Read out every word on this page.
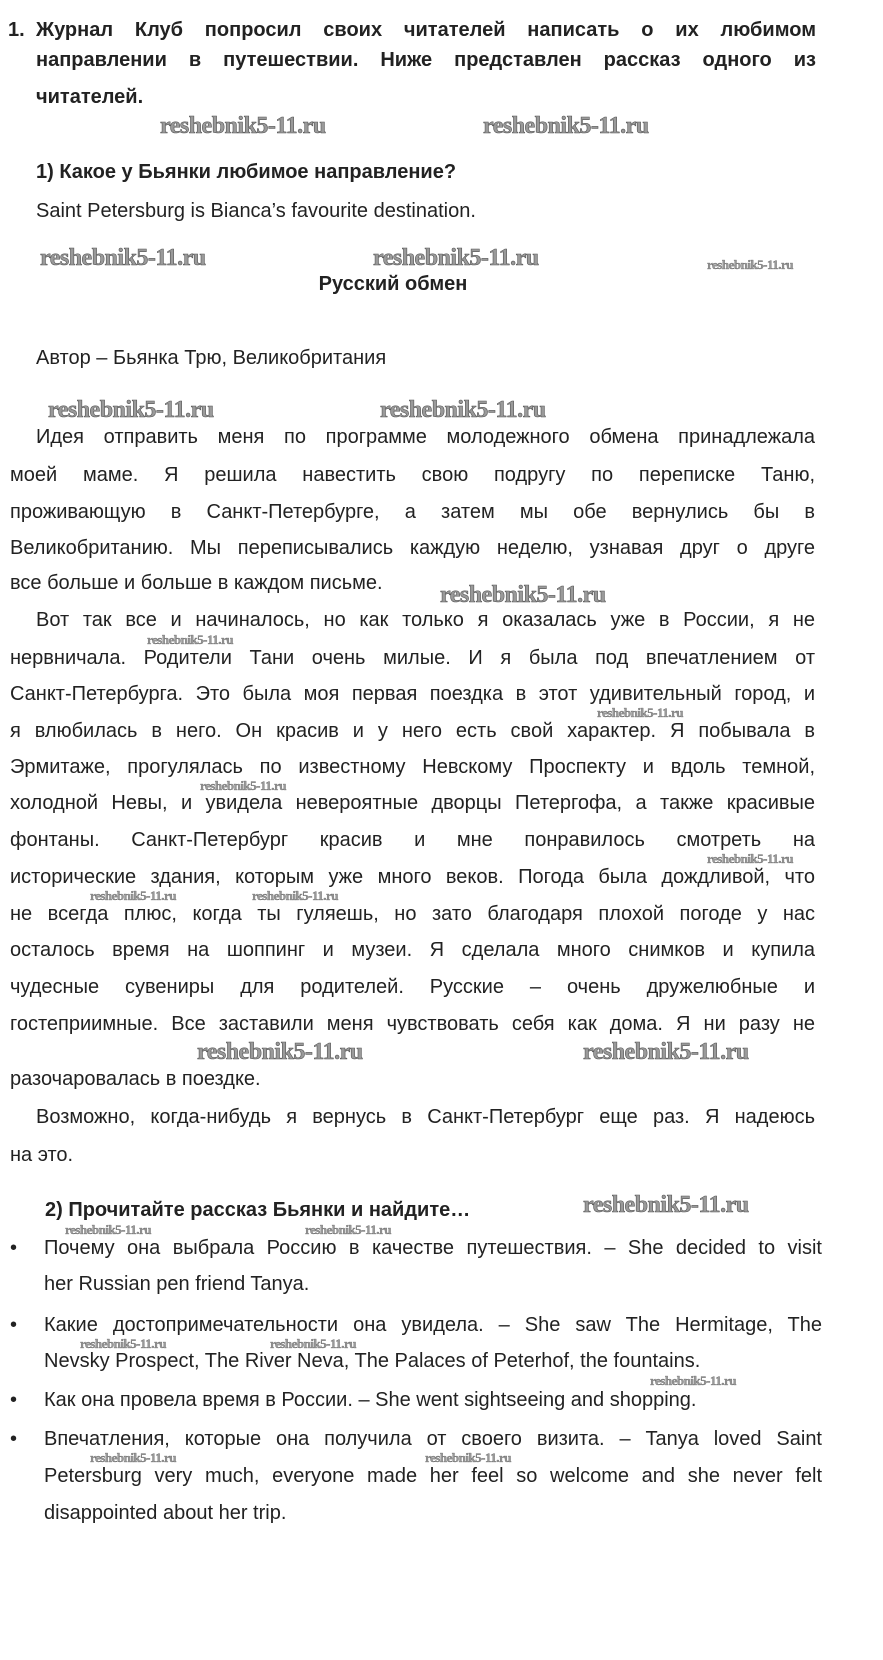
1. Журнал Клуб попросил своих читателей написать о их любимом
направлении в путешествии. Ниже представлен рассказ одного из
читателей.
1) Какое у Бьянки любимое направление?
Saint Petersburg is Bianca’s favourite destination.
Русский обмен
Автор – Бьянка Трю, Великобритания
Идея отправить меня по программе молодежного обмена принадлежала
моей маме. Я решила навестить свою подругу по переписке Таню,
проживающую в Санкт-Петербурге, а затем мы обе вернулись бы в
Великобританию. Мы переписывались каждую неделю, узнавая друг о друге
все больше и больше в каждом письме.
Вот так все и начиналось, но как только я оказалась уже в России, я не
нервничала. Родители Тани очень милые. И я была под впечатлением от
Санкт-Петербурга. Это была моя первая поездка в этот удивительный город, и
я влюбилась в него. Он красив и у него есть свой характер. Я побывала в
Эрмитаже, прогулялась по известному Невскому Проспекту и вдоль темной,
холодной Невы, и увидела невероятные дворцы Петергофа, а также красивые
фонтаны. Санкт-Петербург красив и мне понравилось смотреть на
исторические здания, которым уже много веков. Погода была дождливой, что
не всегда плюс, когда ты гуляешь, но зато благодаря плохой погоде у нас
осталось время на шоппинг и музеи. Я сделала много снимков и купила
чудесные сувениры для родителей. Русские – очень дружелюбные и
гостеприимные. Все заставили меня чувствовать себя как дома. Я ни разу не
разочаровалась в поездке.
Возможно, когда-нибудь я вернусь в Санкт-Петербург еще раз. Я надеюсь
на это.
2) Прочитайте рассказ Бьянки и найдите…
• Почему она выбрала Россию в качестве путешествия. – She decided to visit
her Russian pen friend Tanya.
• Какие достопримечательности она увидела. – She saw The Hermitage, The
Nevsky Prospect, The River Neva, The Palaces of Peterhof, the fountains.
• Как она провела время в России. – She went sightseeing and shopping.
• Впечатления, которые она получила от своего визита. – Tanya loved Saint
Petersburg very much, everyone made her feel so welcome and she never felt
disappointed about her trip.
reshebnik5-11.ru	reshebnik5-11.ru
reshebnik5-11.ru	reshebnik5-11.ru	reshebnik5-11.ru
reshebnik5-11.ru	reshebnik5-11.ru
reshebnik5-11.ru
reshebnik5-11.ru
reshebnik5-11.ru
reshebnik5-11.ru
reshebnik5-11.ru
reshebnik5-11.ru	reshebnik5-11.ru
reshebnik5-11.ru	reshebnik5-11.ru
reshebnik5-11.ru
reshebnik5-11.ru	reshebnik5-11.ru
reshebnik5-11.ru	reshebnik5-11.ru
reshebnik5-11.ru
reshebnik5-11.ru	reshebnik5-11.ru
